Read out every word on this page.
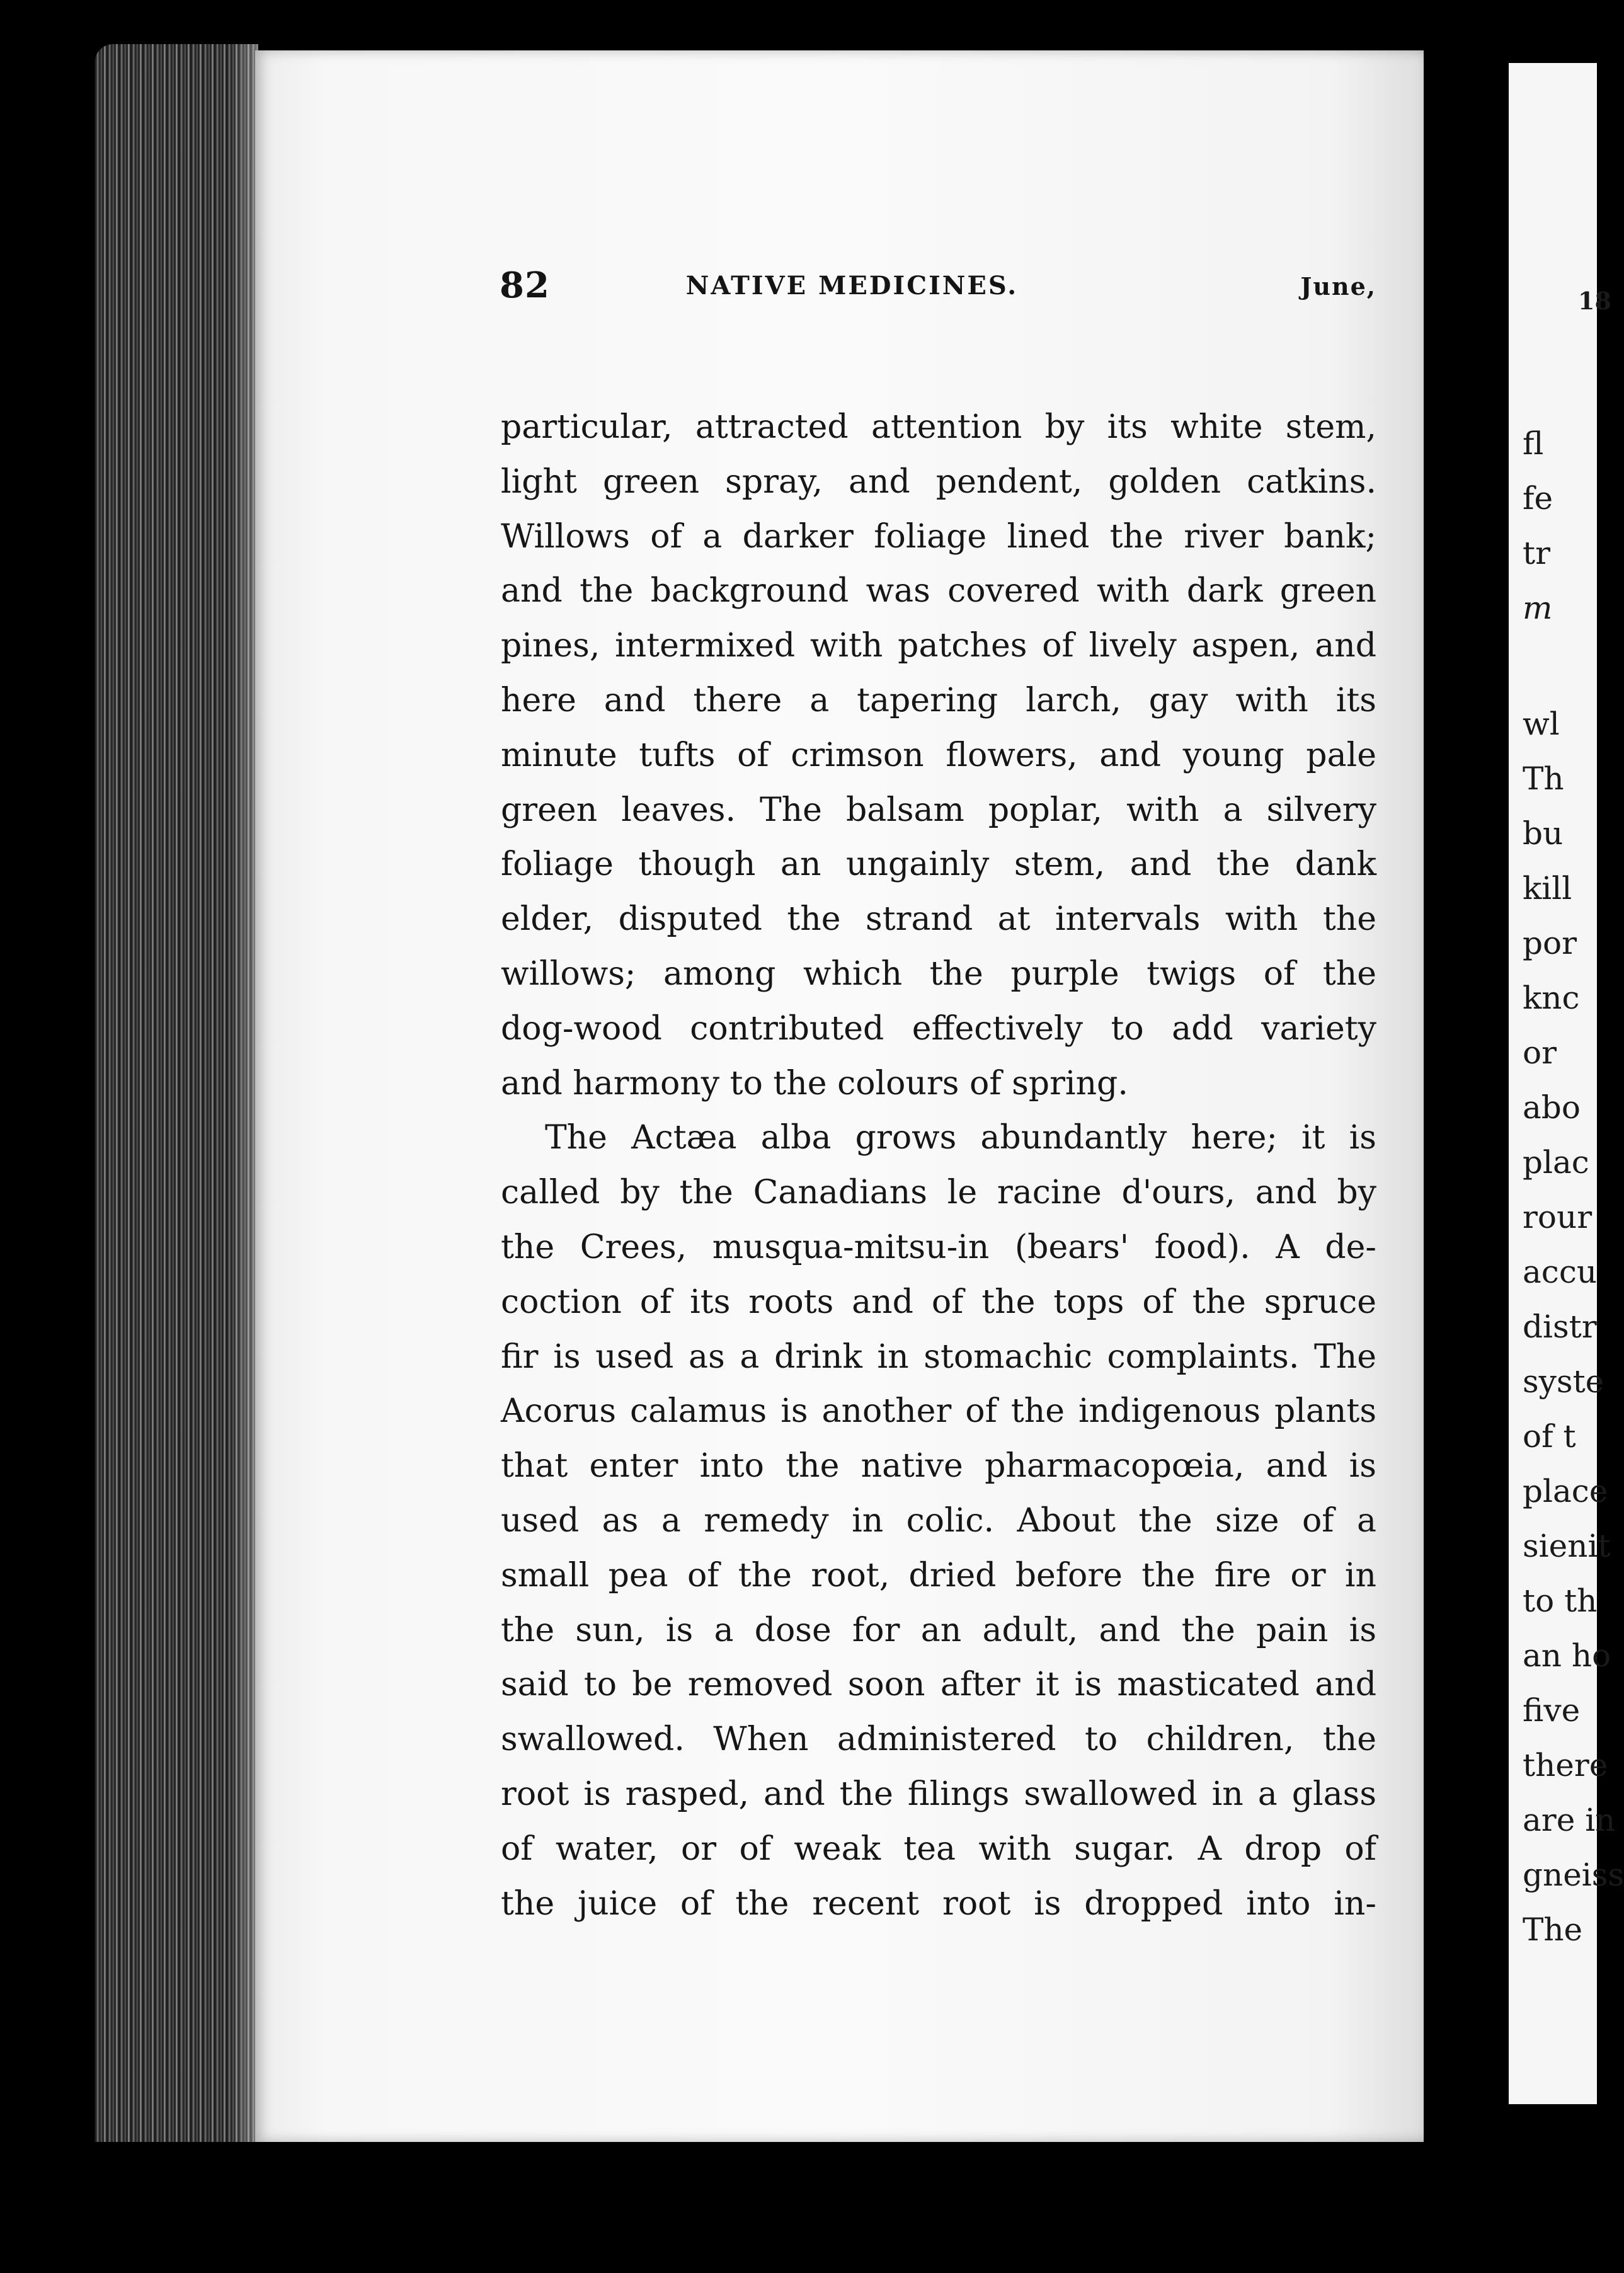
82	NATIVE MEDICINES.	June,
particular, attracted attention by its white stem,
light green spray, and pendent, golden catkins.
Willows of a darker foliage lined the river bank;
and the background was covered with dark green
pines, intermixed with patches of lively aspen, and
here and there a tapering larch, gay with its
minute tufts of crimson flowers, and young pale
green leaves. The balsam poplar, with a silvery
foliage though an ungainly stem, and the dank
elder, disputed the strand at intervals with the
willows; among which the purple twigs of the
dog-wood contributed effectively to add variety
and harmony to the colours of spring.
The Actæa alba grows abundantly here; it is
called by the Canadians le racine d'ours, and by
the Crees, musqua-mitsu-in (bears' food). A de-
coction of its roots and of the tops of the spruce
fir is used as a drink in stomachic complaints. The
Acorus calamus is another of the indigenous plants
that enter into the native pharmacopœia, and is
used as a remedy in colic. About the size of a
small pea of the root, dried before the fire or in
the sun, is a dose for an adult, and the pain is
said to be removed soon after it is masticated and
swallowed. When administered to children, the
root is rasped, and the filings swallowed in a glass
of water, or of weak tea with sugar. A drop of
the juice of the recent root is dropped into in-
18
fl
fe
tr
m
wl
Th
bu
kill
por
knc
or
abo
plac
rour
accu
distr
syste
of t
place
sienit
to th
an ho
five
there
are in
gneiss
The
